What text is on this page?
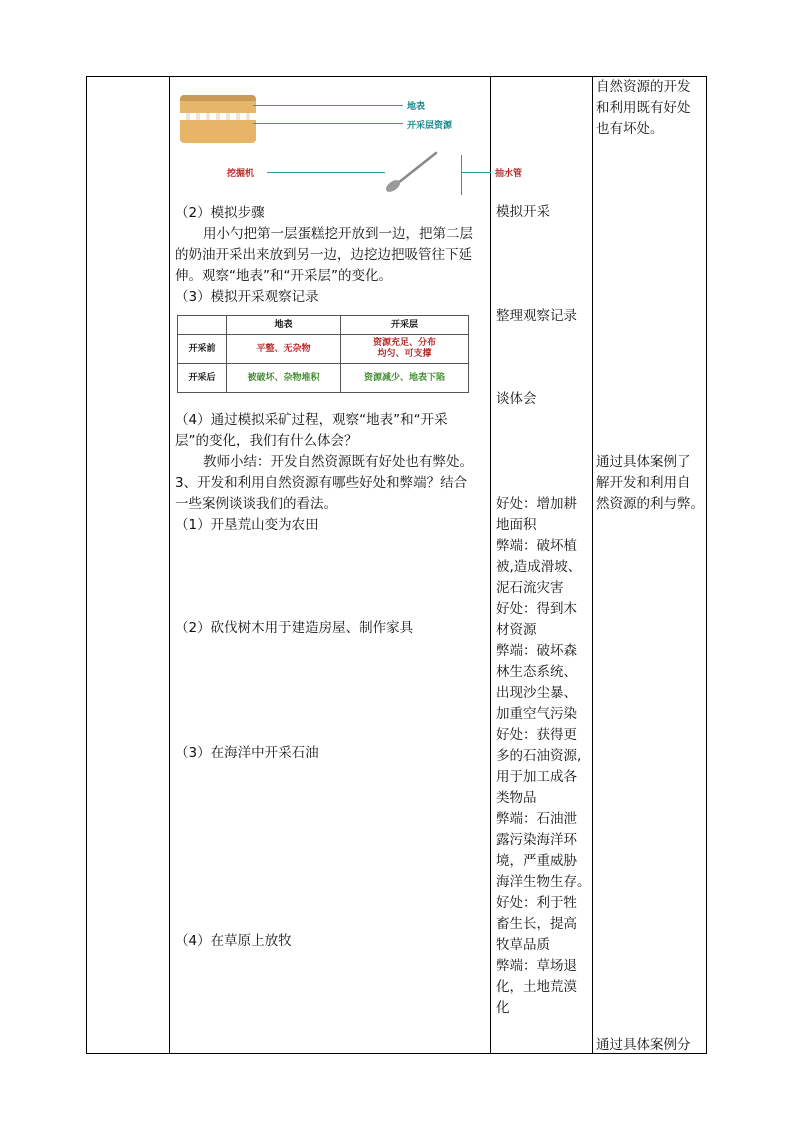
地表
开采层资源
挖掘机	抽水管
（2）模拟步骤
用小勺把第一层蛋糕挖开放到一边，把第二层
的奶油开采出来放到另一边，边挖边把吸管往下延
伸。观察“地表”和“开采层”的变化。
（3）模拟开采观察记录
	地表	开采层
开采前	平整、无杂物	资源充足、分布
均匀、可支撑

开采后	被破坏、杂物堆积	资源减少、地表下陷
（4）通过模拟采矿过程，观察“地表”和“开采
层”的变化，我们有什么体会？
教师小结：开发自然资源既有好处也有弊处。
3、开发和利用自然资源有哪些好处和弊端？结合
一些案例谈谈我们的看法。
（1）开垦荒山变为农田
（2）砍伐树木用于建造房屋、制作家具
（3）在海洋中开采石油
（4）在草原上放牧
模拟开采
整理观察记录
谈体会
好处：增加耕
地面积
弊端：破坏植
被,造成滑坡、
泥石流灾害
好处：得到木
材资源
弊端：破坏森
林生态系统、
出现沙尘暴、
加重空气污染
好处：获得更
多的石油资源,
用于加工成各
类物品
弊端：石油泄
露污染海洋环
境，严重威胁
海洋生物生存。
好处：利于牲
畜生长，提高
牧草品质
弊端：草场退
化，土地荒漠
化
自然资源的开发
和利用既有好处
也有坏处。
通过具体案例了
解开发和利用自
然资源的利与弊。
通过具体案例分
